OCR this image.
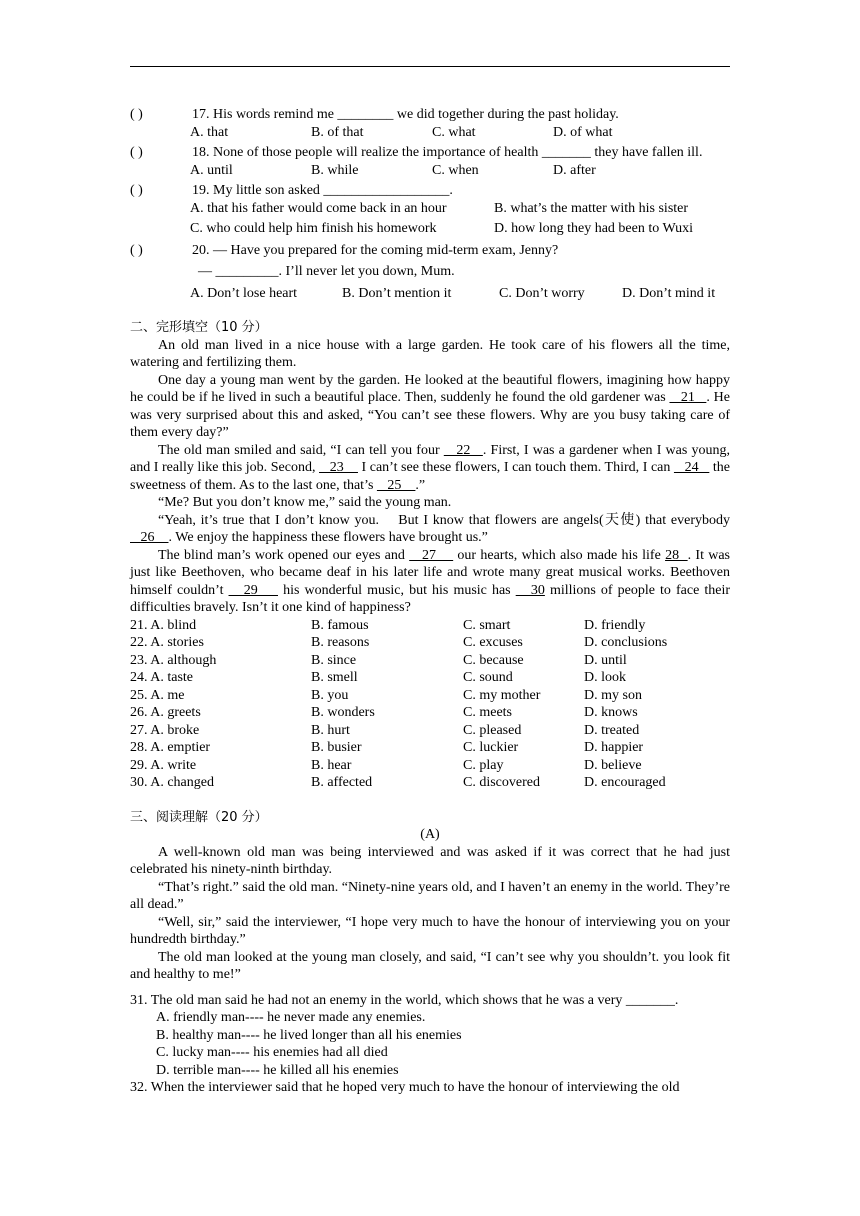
( )	17. His words remind me ________ we did together during the past holiday.

A. that	B. of that	C. what	D. of what

( )	18. None of those people will realize the importance of health _______ they have fallen ill.

A. until	B. while	C. when	D. after

( )	19. My little son asked __________________.

A. that his father would come back in an hour	B. what’s the matter with his sister
C. who could help him finish his homework	D. how long they had been to Wuxi

( )	20. — Have you prepared for the coming mid-term exam, Jenny?

— _________. I’ll never let you down, Mum.

A. Don’t lose heart	B. Don’t mention it	C. Don’t worry	D. Don’t mind it
二、完形填空（10 分）

An old man lived in a nice house with a large garden. He took care of his flowers all the time, watering and fertilizing them.

One day a young man went by the garden. He looked at the beautiful flowers, imagining how happy he could be if he lived in such a beautiful place. Then, suddenly he found the old gardener was    21   . He was very surprised about this and asked, “You can’t see these flowers. Why are you busy taking care of them every day?”

The old man smiled and said, “I can tell you four    22   . First, I was a gardener when I was young, and I really like this job. Second,    23     I can’t see these flowers, I can touch them. Third, I can    24    the sweetness of them. As to the last one, that’s    25    .”

“Me? But you don’t know me,” said the young man.

“Yeah, it’s true that I don’t know you.    But I know that flowers are angels(天使) that everybody    26    . We enjoy the happiness these flowers have brought us.”

The blind man’s work opened our eyes and    27     our hearts, which also made his life 28  . It was just like Beethoven, who became deaf in his later life and wrote many great musical works. Beethoven himself couldn’t    29     his wonderful music, but his music has    30 millions of people to face their difficulties bravely. Isn’t it one kind of happiness?

21. A. blind	B. famous	C. smart	D. friendly
22. A. stories	B. reasons	C. excuses	D. conclusions
23. A. although	B. since	C. because	D. until
24. A. taste	B. smell	C. sound	D. look
25. A. me	B. you	C. my mother	D. my son
26. A. greets	B. wonders	C. meets	D. knows
27. A. broke	B. hurt	C. pleased	D. treated
28. A. emptier	B. busier	C. luckier	D. happier
29. A. write	B. hear	C. play	D. believe
30. A. changed	B. affected	C. discovered	D. encouraged
三、阅读理解（20 分）

(A)

A well-known old man was being interviewed and was asked if it was correct that he had just celebrated his ninety-ninth birthday.

“That’s right.” said the old man. “Ninety-nine years old, and I haven’t an enemy in the world. They’re all dead.”

“Well, sir,” said the interviewer, “I hope very much to have the honour of interviewing you on your hundredth birthday.”

The old man looked at the young man closely, and said, “I can’t see why you shouldn’t. you look fit and healthy to me!”

31. The old man said he had not an enemy in the world, which shows that he was a very _______.

A. friendly man---- he never made any enemies.

B. healthy man---- he lived longer than all his enemies

C. lucky man---- his enemies had all died

D. terrible man---- he killed all his enemies

32. When the interviewer said that he hoped very much to have the honour of interviewing the old
